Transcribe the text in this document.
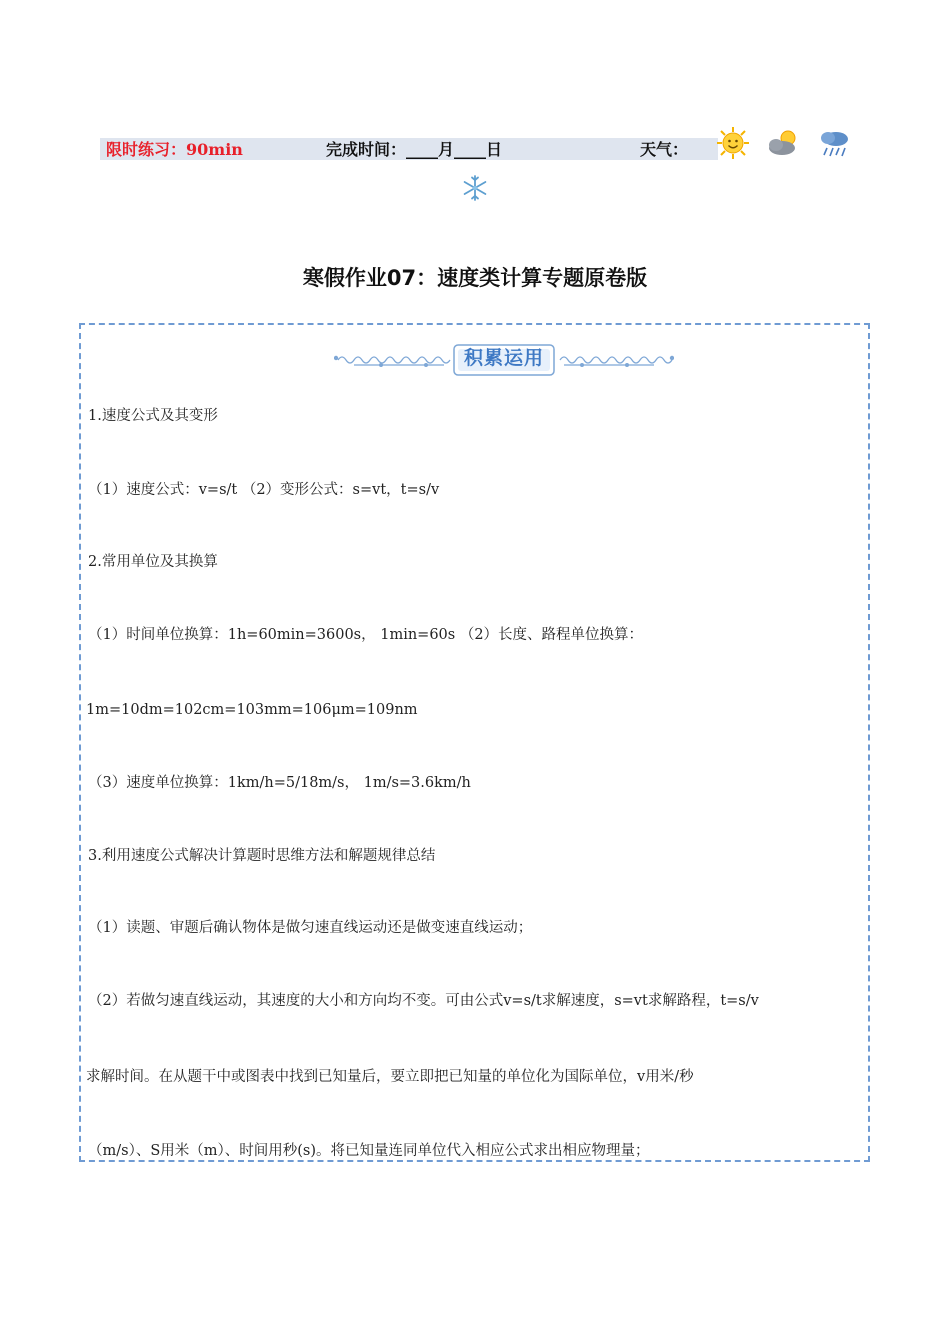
限时练习：90min	完成时间：____月____日	天气：
寒假作业07：速度类计算专题原卷版
积累运用
1.速度公式及其变形
（1）速度公式：v=s/t （2）变形公式：s=vt，t=s/v
2.常用单位及其换算
（1）时间单位换算：1h=60min=3600s， 1min=60s （2）长度、路程单位换算：
1m=10dm=102cm=103mm=106μm=109nm
（3）速度单位换算：1km/h=5/18m/s， 1m/s=3.6km/h
3.利用速度公式解决计算题时思维方法和解题规律总结
（1）读题、审题后确认物体是做匀速直线运动还是做变速直线运动；
（2）若做匀速直线运动，其速度的大小和方向均不变。可由公式v=s/t求解速度，s=vt求解路程，t=s/v
求解时间。在从题干中或图表中找到已知量后，要立即把已知量的单位化为国际单位，v用米/秒
（m/s）、S用米（m）、时间用秒(s)。将已知量连同单位代入相应公式求出相应物理量；
